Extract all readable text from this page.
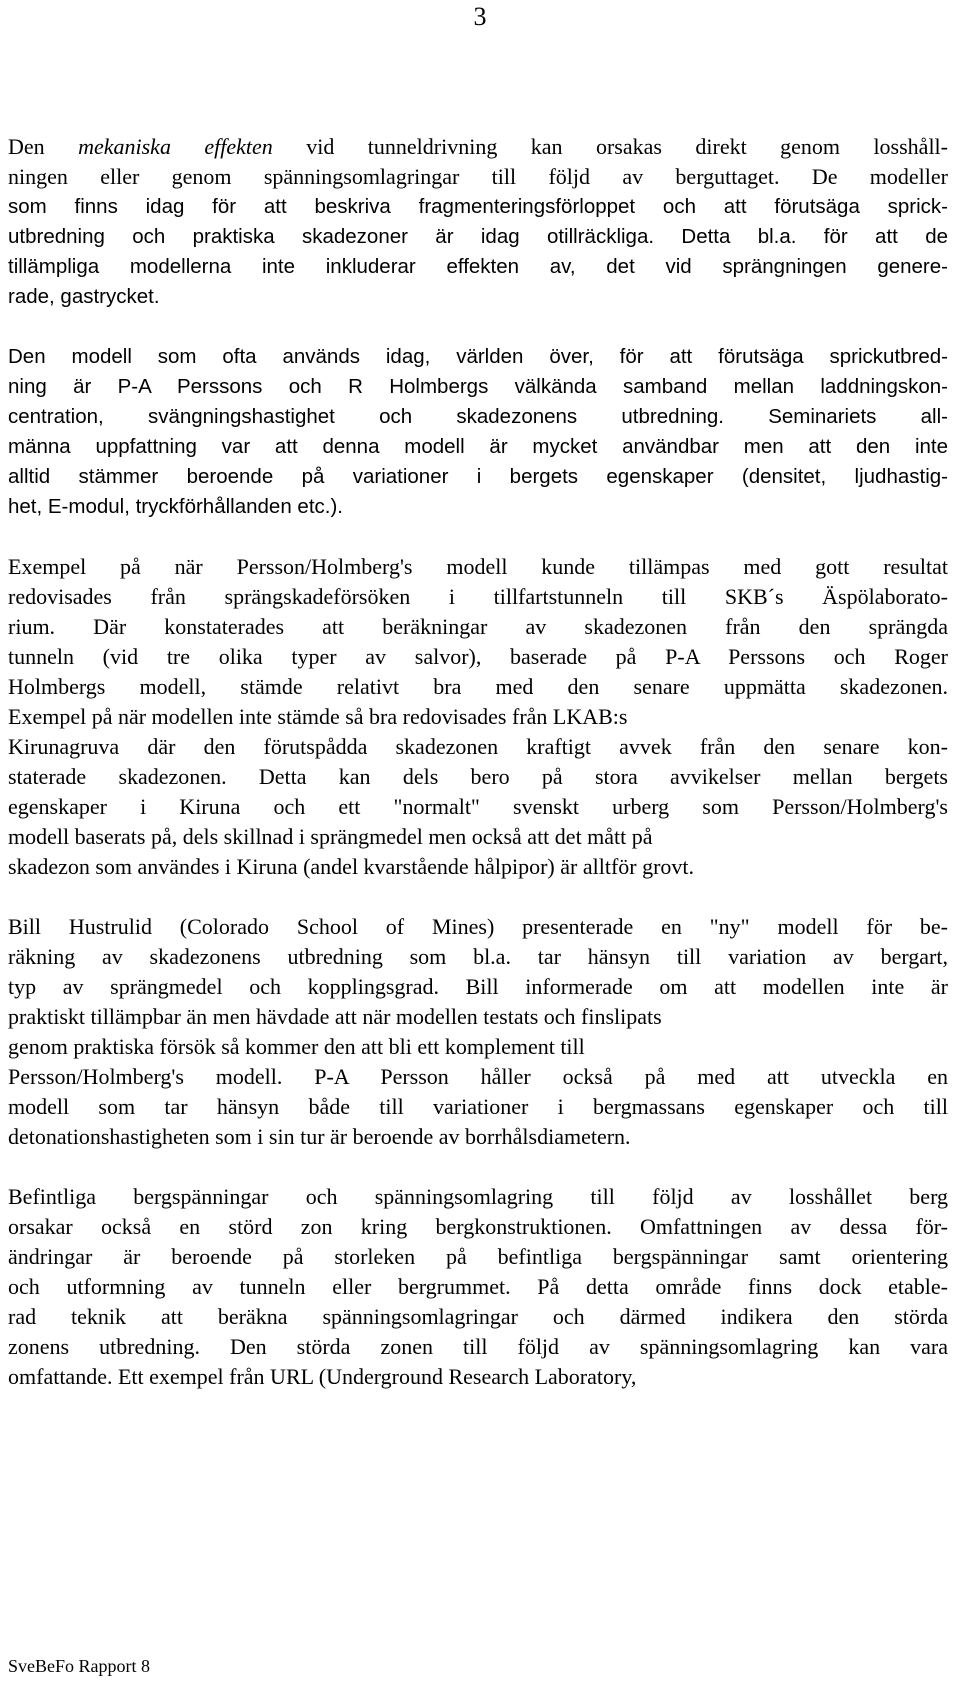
3

Den mekaniska effekten vid tunneldrivning kan orsakas direkt genom losshåll-
ningen eller genom spänningsomlagringar till följd av berguttaget. De modeller

som finns idag för att beskriva fragmenteringsförloppet och att förutsäga sprick-
utbredning och praktiska skadezoner är idag otillräckliga. Detta bl.a. för att de
tillämpliga modellerna inte inkluderar effekten av, det vid sprängningen genere-
rade, gastrycket.

Den modell som ofta används idag, världen över, för att förutsäga sprickutbred-
ning är P-A Perssons och R Holmbergs välkända samband mellan laddningskon-
centration, svängningshastighet och skadezonens utbredning. Seminariets all-
männa uppfattning var att denna modell är mycket användbar men att den inte
alltid stämmer beroende på variationer i bergets egenskaper (densitet, ljudhastig-
het, E-modul, tryckförhållanden etc.).

Exempel på när Persson/Holmberg's modell kunde tillämpas med gott resultat
redovisades från sprängskadeförsöken i tillfartstunneln till SKB´s Äspölaborato-
rium. Där konstaterades att beräkningar av skadezonen från den sprängda
tunneln (vid tre olika typer av salvor), baserade på P-A Perssons och Roger
Holmbergs modell, stämde relativt bra med den senare uppmätta skadezonen.
Exempel på när modellen inte stämde så bra redovisades från LKAB:s
Kirunagruva där den förutspådda skadezonen kraftigt avvek från den senare kon-
staterade skadezonen. Detta kan dels bero på stora avvikelser mellan bergets
egenskaper i Kiruna och ett "normalt" svenskt urberg som Persson/Holmberg's
modell baserats på, dels skillnad i sprängmedel men också att det mått på
skadezon som användes i Kiruna (andel kvarstående hålpipor) är alltför grovt.

Bill Hustrulid (Colorado School of Mines) presenterade en "ny" modell för be-
räkning av skadezonens utbredning som bl.a. tar hänsyn till variation av bergart,
typ av sprängmedel och kopplingsgrad. Bill informerade om att modellen inte är
praktiskt tillämpbar än men hävdade att när modellen testats och finslipats
genom praktiska försök så kommer den att bli ett komplement till
Persson/Holmberg's modell. P-A Persson håller också på med att utveckla en
modell som tar hänsyn både till variationer i bergmassans egenskaper och till
detonationshastigheten som i sin tur är beroende av borrhålsdiametern.

Befintliga bergspänningar och spänningsomlagring till följd av losshållet berg
orsakar också en störd zon kring bergkonstruktionen. Omfattningen av dessa för-
ändringar är beroende på storleken på befintliga bergspänningar samt orientering
och utformning av tunneln eller bergrummet. På detta område finns dock etable-
rad teknik att beräkna spänningsomlagringar och därmed indikera den störda
zonens utbredning. Den störda zonen till följd av spänningsomlagring kan vara
omfattande. Ett exempel från URL (Underground Research Laboratory,

SveBeFo Rapport 8
